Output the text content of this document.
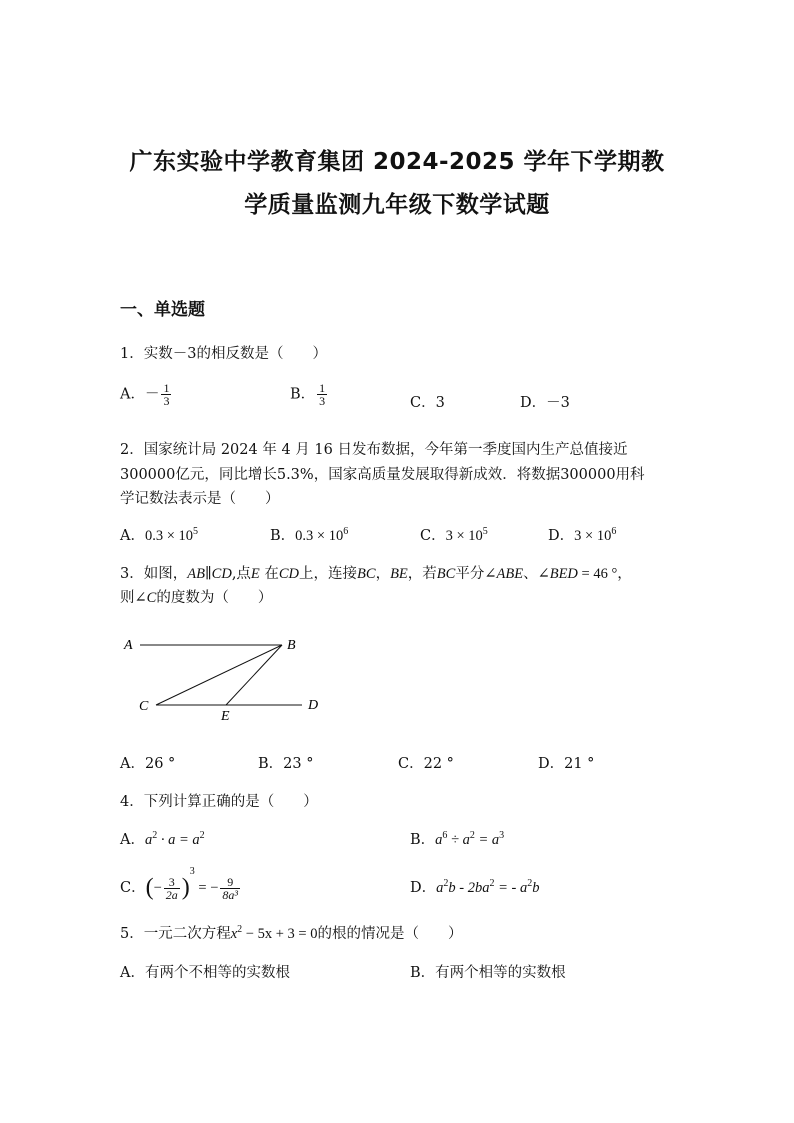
广东实验中学教育集团 2024-2025 学年下学期教
学质量监测九年级下数学试题
一、单选题
1．实数－3的相反数是（　　）
A．－ $\frac{1}{3}$	B． $\frac{1}{3}$	C．3	D．－3
2．国家统计局 2024 年 4 月 16 日发布数据，今年第一季度国内生产总值接近
300000亿元，同比增长5.3%，国家高质量发展取得新成效．将数据300000用科
学记数法表示是（　　）
A．$0.3 \times 10^5$	B．$0.3 \times 10^6$	C．$3 \times 10^5$	D．$3 \times 10^6$
3．如图，AB∥CD,点E 在CD上，连接BC，BE，若BC平分∠ABE、∠BED = 46 °，
则∠C的度数为（　　）
A	B
C	D
E
A．26 °	B．23 °	C．22 °	D．21 °
4．下列计算正确的是（　　）
A．$a^2 \cdot a = a^2$	B．$a^6 \div a^2 = a^3$
C．(− $\frac{3}{2a} )^3$ = − $\frac{9}{\text{8a³}}$	D．$a^2b - 2ba^2$ = - $a^2b$
5．一元二次方程$x^2 - 5x + 3 = 0$的根的情况是（　　）
A．有两个不相等的实数根	B．有两个相等的实数根
